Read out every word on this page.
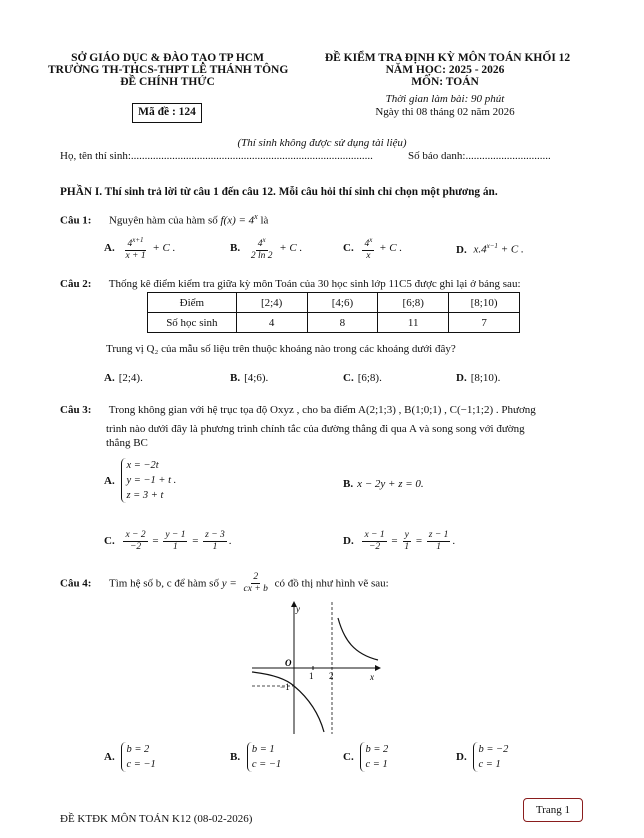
SỞ GIÁO DỤC & ĐÀO TẠO TP HCM
TRƯỜNG TH-THCS-THPT LÊ THÁNH TÔNG
ĐỀ CHÍNH THỨC
Mã đề : 124
ĐỀ KIỂM TRA ĐỊNH KỲ MÔN TOÁN KHỐI 12
NĂM HỌC: 2025 - 2026
MÔN: TOÁN
Thời gian làm bài: 90 phút
Ngày thi 08 tháng 02 năm 2026
(Thí sinh không được sử dụng tài liệu)
Họ, tên thí sinh:........................................................................................	Số báo danh:...............................
PHẦN I. Thí sinh trả lời từ câu 1 đến câu 12. Mỗi câu hỏi thí sinh chỉ chọn một phương án.
Câu 1: Nguyên hàm của hàm số $f(x) = 4^x$ là
A. $\frac{4^{x+1}}{x + 1} + C$ .	B. $\frac{4^x}{2 \ln 2} + C$ .	C. $\frac{4^x}{x} + C$ .	D. $x.4^{x-1} + C$ .
Câu 2: Thống kê điểm kiểm tra giữa kỳ môn Toán của 30 học sinh lớp 11C5 được ghi lại ở bảng sau:
Điểm	[2;4)	[4;6)	[6;8)	[8;10)
Số học sinh	4	8	11	7
Trung vị Q₂ của mẫu số liệu trên thuộc khoảng nào trong các khoảng dưới đây?
A. [2;4).	B. [4;6).	C. [6;8).	D. [8;10).
Câu 3: Trong không gian với hệ trục tọa độ Oxyz , cho ba điểm A(2;1;3) , B(1;0;1) , C(−1;1;2) . Phương
trình nào dưới đây là phương trình chính tắc của đường thẳng đi qua A và song song với đường
thẳng BC
A.
x = −2t
y = −1 + t .
z = 3 + t
B. x − 2y + z = 0.
C. $\frac{x - 2}{-2} = \frac{y - 1}{1} = \frac{z - 3}{1}$ .	D. $\frac{x - 1}{-2} = \frac{y}{1} = \frac{z - 1}{1}$ .
Câu 4: Tìm hệ số b, c để hàm số $y = \frac{2}{cx + b}$ có đồ thị như hình vẽ sau:
y
x
O
1 2
−1
A.
b = 2
c = −1
B.
b = 1
c = −1
C.
b = 2
c = 1
D.
b = −2
c = 1
ĐỀ KTĐK MÔN TOÁN K12 (08-02-2026)
Trang 1
